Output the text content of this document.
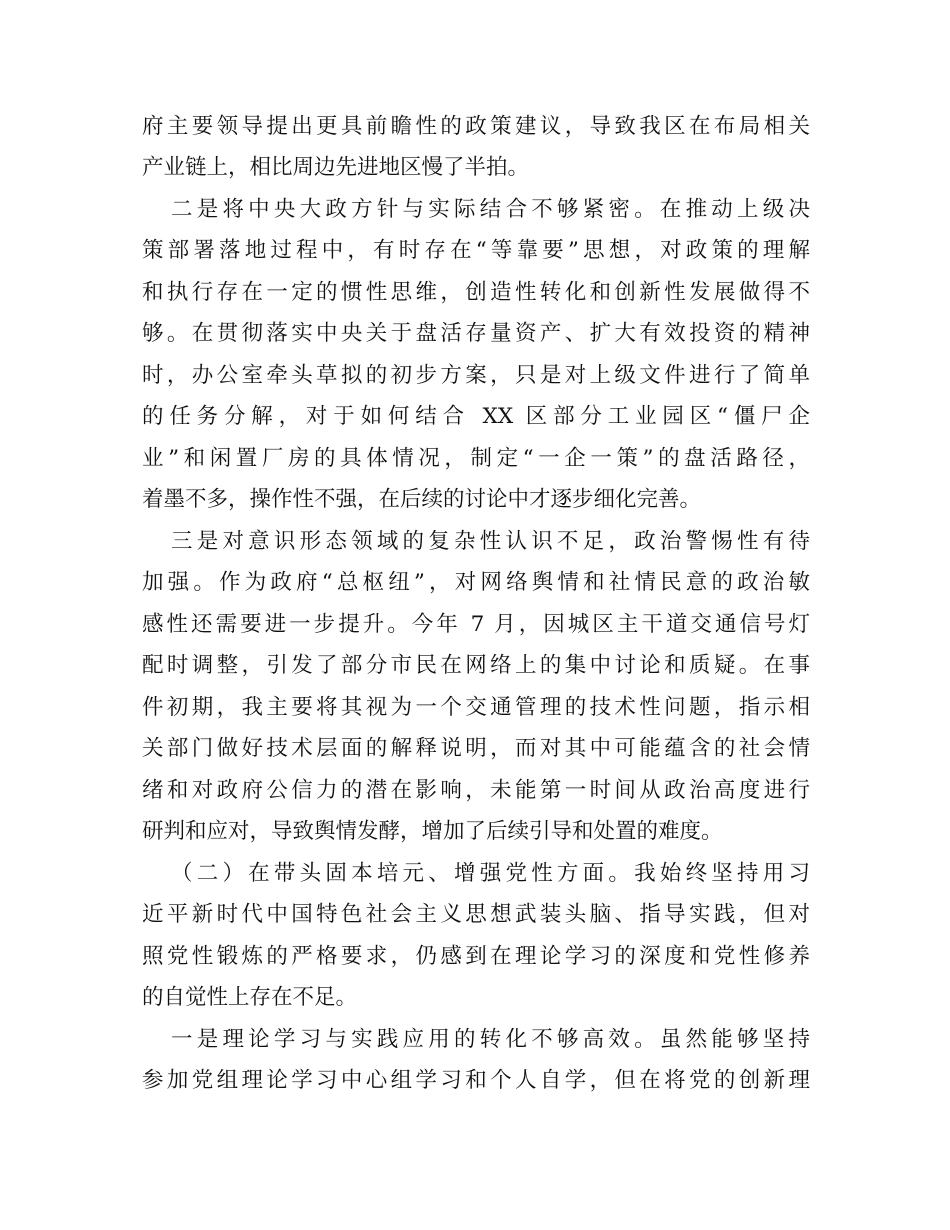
府主要领导提出更具前瞻性的政策建议，导致我区在布局相关
产业链上，相比周边先进地区慢了半拍。
二是将中央大政方针与实际结合不够紧密。在推动上级决
策部署落地过程中，有时存在“等靠要”思想，对政策的理解
和执行存在一定的惯性思维，创造性转化和创新性发展做得不
够。在贯彻落实中央关于盘活存量资产、扩大有效投资的精神
时，办公室牵头草拟的初步方案，只是对上级文件进行了简单
的任务分解，对于如何结合 XX 区部分工业园区“僵尸企
业”和闲置厂房的具体情况，制定“一企一策”的盘活路径，
着墨不多，操作性不强，在后续的讨论中才逐步细化完善。
三是对意识形态领域的复杂性认识不足，政治警惕性有待
加强。作为政府“总枢纽”，对网络舆情和社情民意的政治敏
感性还需要进一步提升。今年 7 月，因城区主干道交通信号灯
配时调整，引发了部分市民在网络上的集中讨论和质疑。在事
件初期，我主要将其视为一个交通管理的技术性问题，指示相
关部门做好技术层面的解释说明，而对其中可能蕴含的社会情
绪和对政府公信力的潜在影响，未能第一时间从政治高度进行
研判和应对，导致舆情发酵，增加了后续引导和处置的难度。
（二）在带头固本培元、增强党性方面。我始终坚持用习
近平新时代中国特色社会主义思想武装头脑、指导实践，但对
照党性锻炼的严格要求，仍感到在理论学习的深度和党性修养
的自觉性上存在不足。
一是理论学习与实践应用的转化不够高效。虽然能够坚持
参加党组理论学习中心组学习和个人自学，但在将党的创新理
